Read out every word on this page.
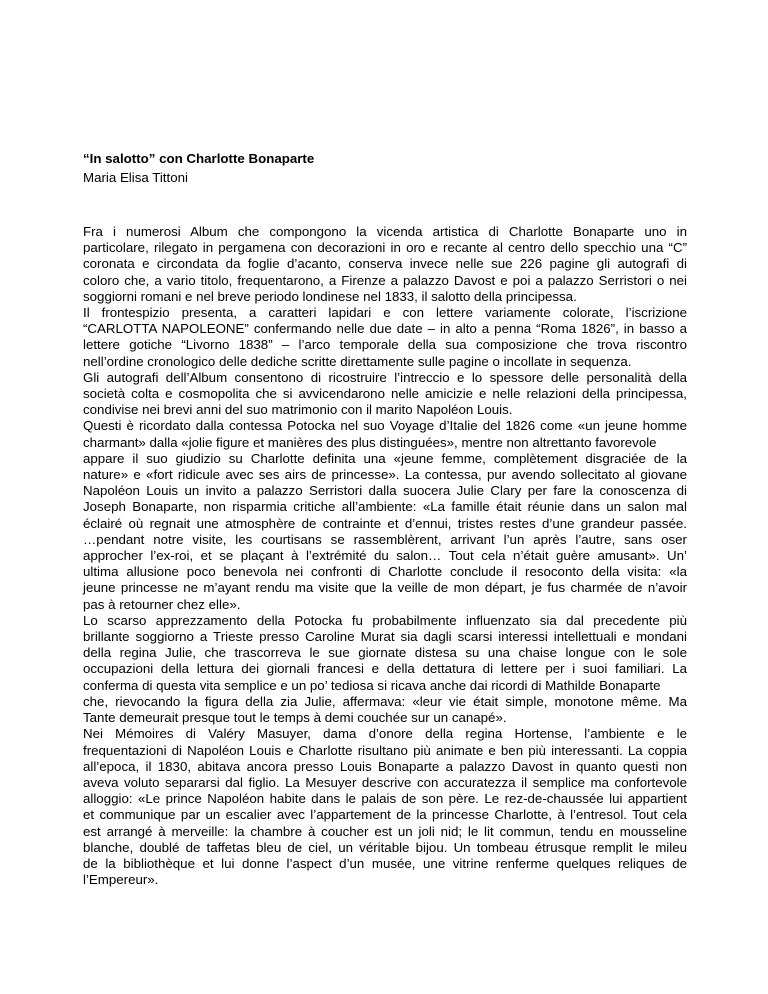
“In salotto” con Charlotte Bonaparte
Maria Elisa Tittoni
Fra i numerosi Album che compongono la vicenda artistica di Charlotte Bonaparte uno in
particolare, rilegato in pergamena con decorazioni in oro e recante al centro dello specchio una “C”
coronata e circondata da foglie d’acanto, conserva invece nelle sue 226 pagine gli autografi di
coloro che, a vario titolo, frequentarono, a Firenze a palazzo Davost e poi a palazzo Serristori o nei
soggiorni romani e nel breve periodo londinese nel 1833, il salotto della principessa.
Il frontespizio presenta, a caratteri lapidari e con lettere variamente colorate, l’iscrizione
“CARLOTTA NAPOLEONE” confermando nelle due date – in alto a penna “Roma 1826”, in basso a
lettere gotiche “Livorno 1838” – l’arco temporale della sua composizione che trova riscontro
nell’ordine cronologico delle dediche scritte direttamente sulle pagine o incollate in sequenza.
Gli autografi dell’Album consentono di ricostruire l’intreccio e lo spessore delle personalità della
società colta e cosmopolita che si avvicendarono nelle amicizie e nelle relazioni della principessa,
condivise nei brevi anni del suo matrimonio con il marito Napoléon Louis.
Questi è ricordato dalla contessa Potocka nel suo Voyage d’Italie del 1826 come «un jeune homme
charmant» dalla «jolie figure et manières des plus distinguées», mentre non altrettanto favorevole
appare il suo giudizio su Charlotte definita una «jeune femme, complètement disgraciée de la
nature» e «fort ridicule avec ses airs de princesse». La contessa, pur avendo sollecitato al giovane
Napoléon Louis un invito a palazzo Serristori dalla suocera Julie Clary per fare la conoscenza di
Joseph Bonaparte, non risparmia critiche all’ambiente: «La famille était réunie dans un salon mal
éclairé où regnait une atmosphère de contrainte et d’ennui, tristes restes d’une grandeur passée.
…pendant notre visite, les courtisans se rassemblèrent, arrivant l’un après l’autre, sans oser
approcher l’ex-roi, et se plaçant à l’extrémité du salon… Tout cela n’était guère amusant». Un’
ultima allusione poco benevola nei confronti di Charlotte conclude il resoconto della visita: «la
jeune princesse ne m’ayant rendu ma visite que la veille de mon départ, je fus charmée de n’avoir
pas à retourner chez elle».
Lo scarso apprezzamento della Potocka fu probabilmente influenzato sia dal precedente più
brillante soggiorno a Trieste presso Caroline Murat sia dagli scarsi interessi intellettuali e mondani
della regina Julie, che trascorreva le sue giornate distesa su una chaise longue con le sole
occupazioni della lettura dei giornali francesi e della dettatura di lettere per i suoi familiari. La
conferma di questa vita semplice e un po’ tediosa si ricava anche dai ricordi di Mathilde Bonaparte
che, rievocando la figura della zia Julie, affermava: «leur vie était simple, monotone même. Ma
Tante demeurait presque tout le temps à demi couchée sur un canapé».
Nei Mémoires di Valéry Masuyer, dama d’onore della regina Hortense, l’ambiente e le
frequentazioni di Napoléon Louis e Charlotte risultano più animate e ben più interessanti. La coppia
all’epoca, il 1830, abitava ancora presso Louis Bonaparte a palazzo Davost in quanto questi non
aveva voluto separarsi dal figlio. La Mesuyer descrive con accuratezza il semplice ma confortevole
alloggio: «Le prince Napoléon habite dans le palais de son père. Le rez-de-chaussée lui appartient
et communique par un escalier avec l’appartement de la princesse Charlotte, à l’entresol. Tout cela
est arrangé à merveille: la chambre à coucher est un joli nid; le lit commun, tendu en mousseline
blanche, doublé de taffetas bleu de ciel, un véritable bijou. Un tombeau étrusque remplit le mileu
de la bibliothèque et lui donne l’aspect d’un musée, une vitrine renferme quelques reliques de
l’Empereur».
